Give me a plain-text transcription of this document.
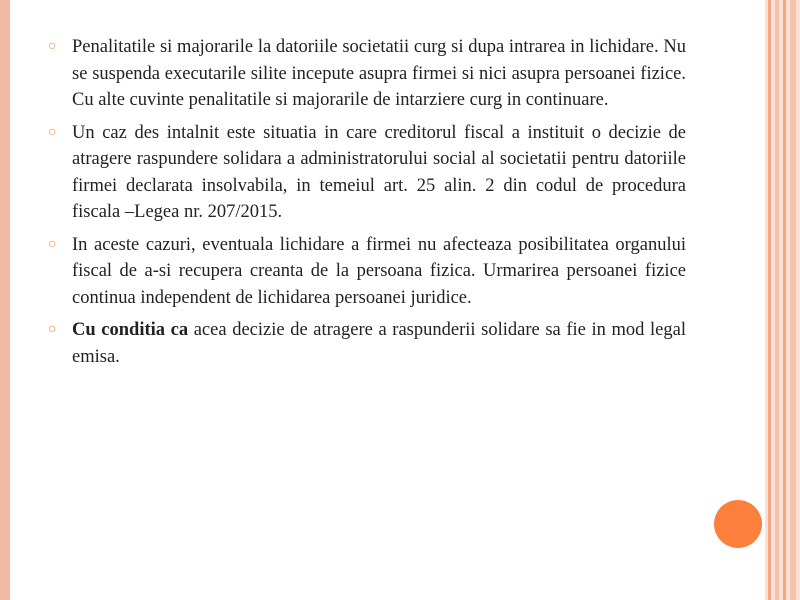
○ Penalitatile si majorarile la datoriile societatii curg si dupa intrarea in lichidare. Nu se suspenda executarile silite incepute asupra firmei si nici asupra persoanei fizice. Cu alte cuvinte penalitatile si majorarile de intarziere curg in continuare.
○ Un caz des intalnit este situatia in care creditorul fiscal a instituit o decizie de atragere raspundere solidara a administratorului social al societatii pentru datoriile firmei declarata insolvabila, in temeiul art. 25 alin. 2 din codul de procedura fiscala –Legea nr. 207/2015.
○ In aceste cazuri, eventuala lichidare a firmei nu afecteaza posibilitatea organului fiscal de a-si recupera creanta de la persoana fizica. Urmarirea persoanei fizice continua independent de lichidarea persoanei juridice.
○ Cu conditia ca acea decizie de atragere a raspunderii solidare sa fie in mod legal emisa.
